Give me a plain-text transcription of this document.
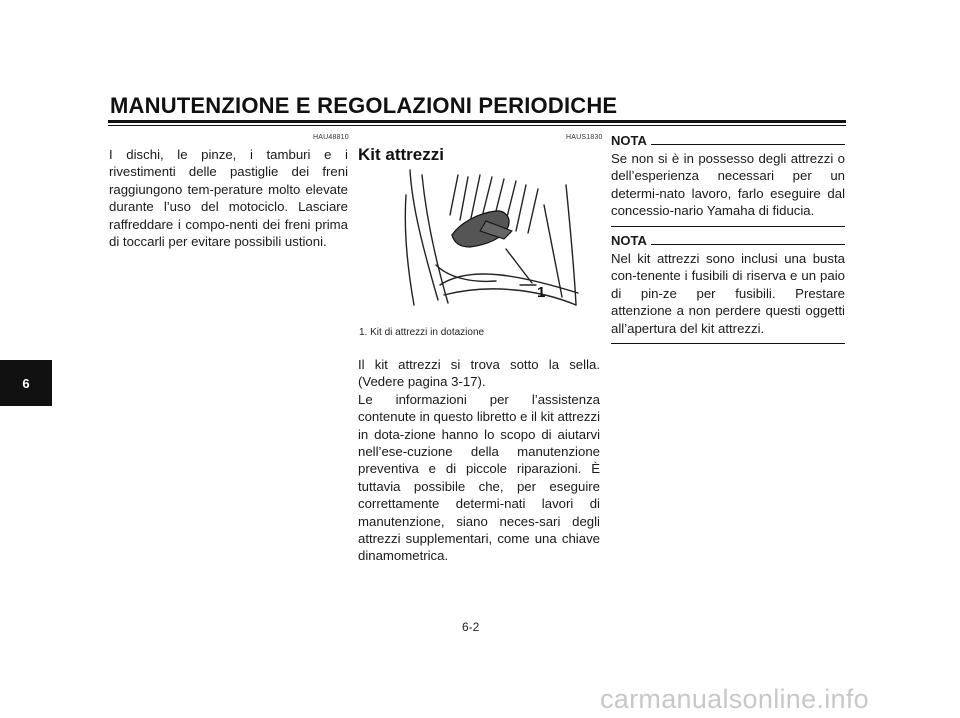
MANUTENZIONE E REGOLAZIONI PERIODICHE
HAU48810
I dischi, le pinze, i tamburi e i rivestimenti delle pastiglie dei freni raggiungono tem-perature molto elevate durante l’uso del motociclo. Lasciare raffreddare i compo-nenti dei freni prima di toccarli per evitare possibili ustioni.
HAUS1830
Kit attrezzi
1
1. Kit di attrezzi in dotazione
Il kit attrezzi si trova sotto la sella. (Vedere pagina 3-17).
Le informazioni per l’assistenza contenute in questo libretto e il kit attrezzi in dota-zione hanno lo scopo di aiutarvi nell’ese-cuzione della manutenzione preventiva e di piccole riparazioni. È tuttavia possibile che, per eseguire correttamente determi-nati lavori di manutenzione, siano neces-sari degli attrezzi supplementari, come una chiave dinamometrica.
NOTA
Se non si è in possesso degli attrezzi o dell’esperienza necessari per un determi-nato lavoro, farlo eseguire dal concessio-nario Yamaha di fiducia.
NOTA
Nel kit attrezzi sono inclusi una busta con-tenente i fusibili di riserva e un paio di pin-ze per fusibili. Prestare attenzione a non perdere questi oggetti all’apertura del kit attrezzi.
6
6-2
carmanualsonline.info
